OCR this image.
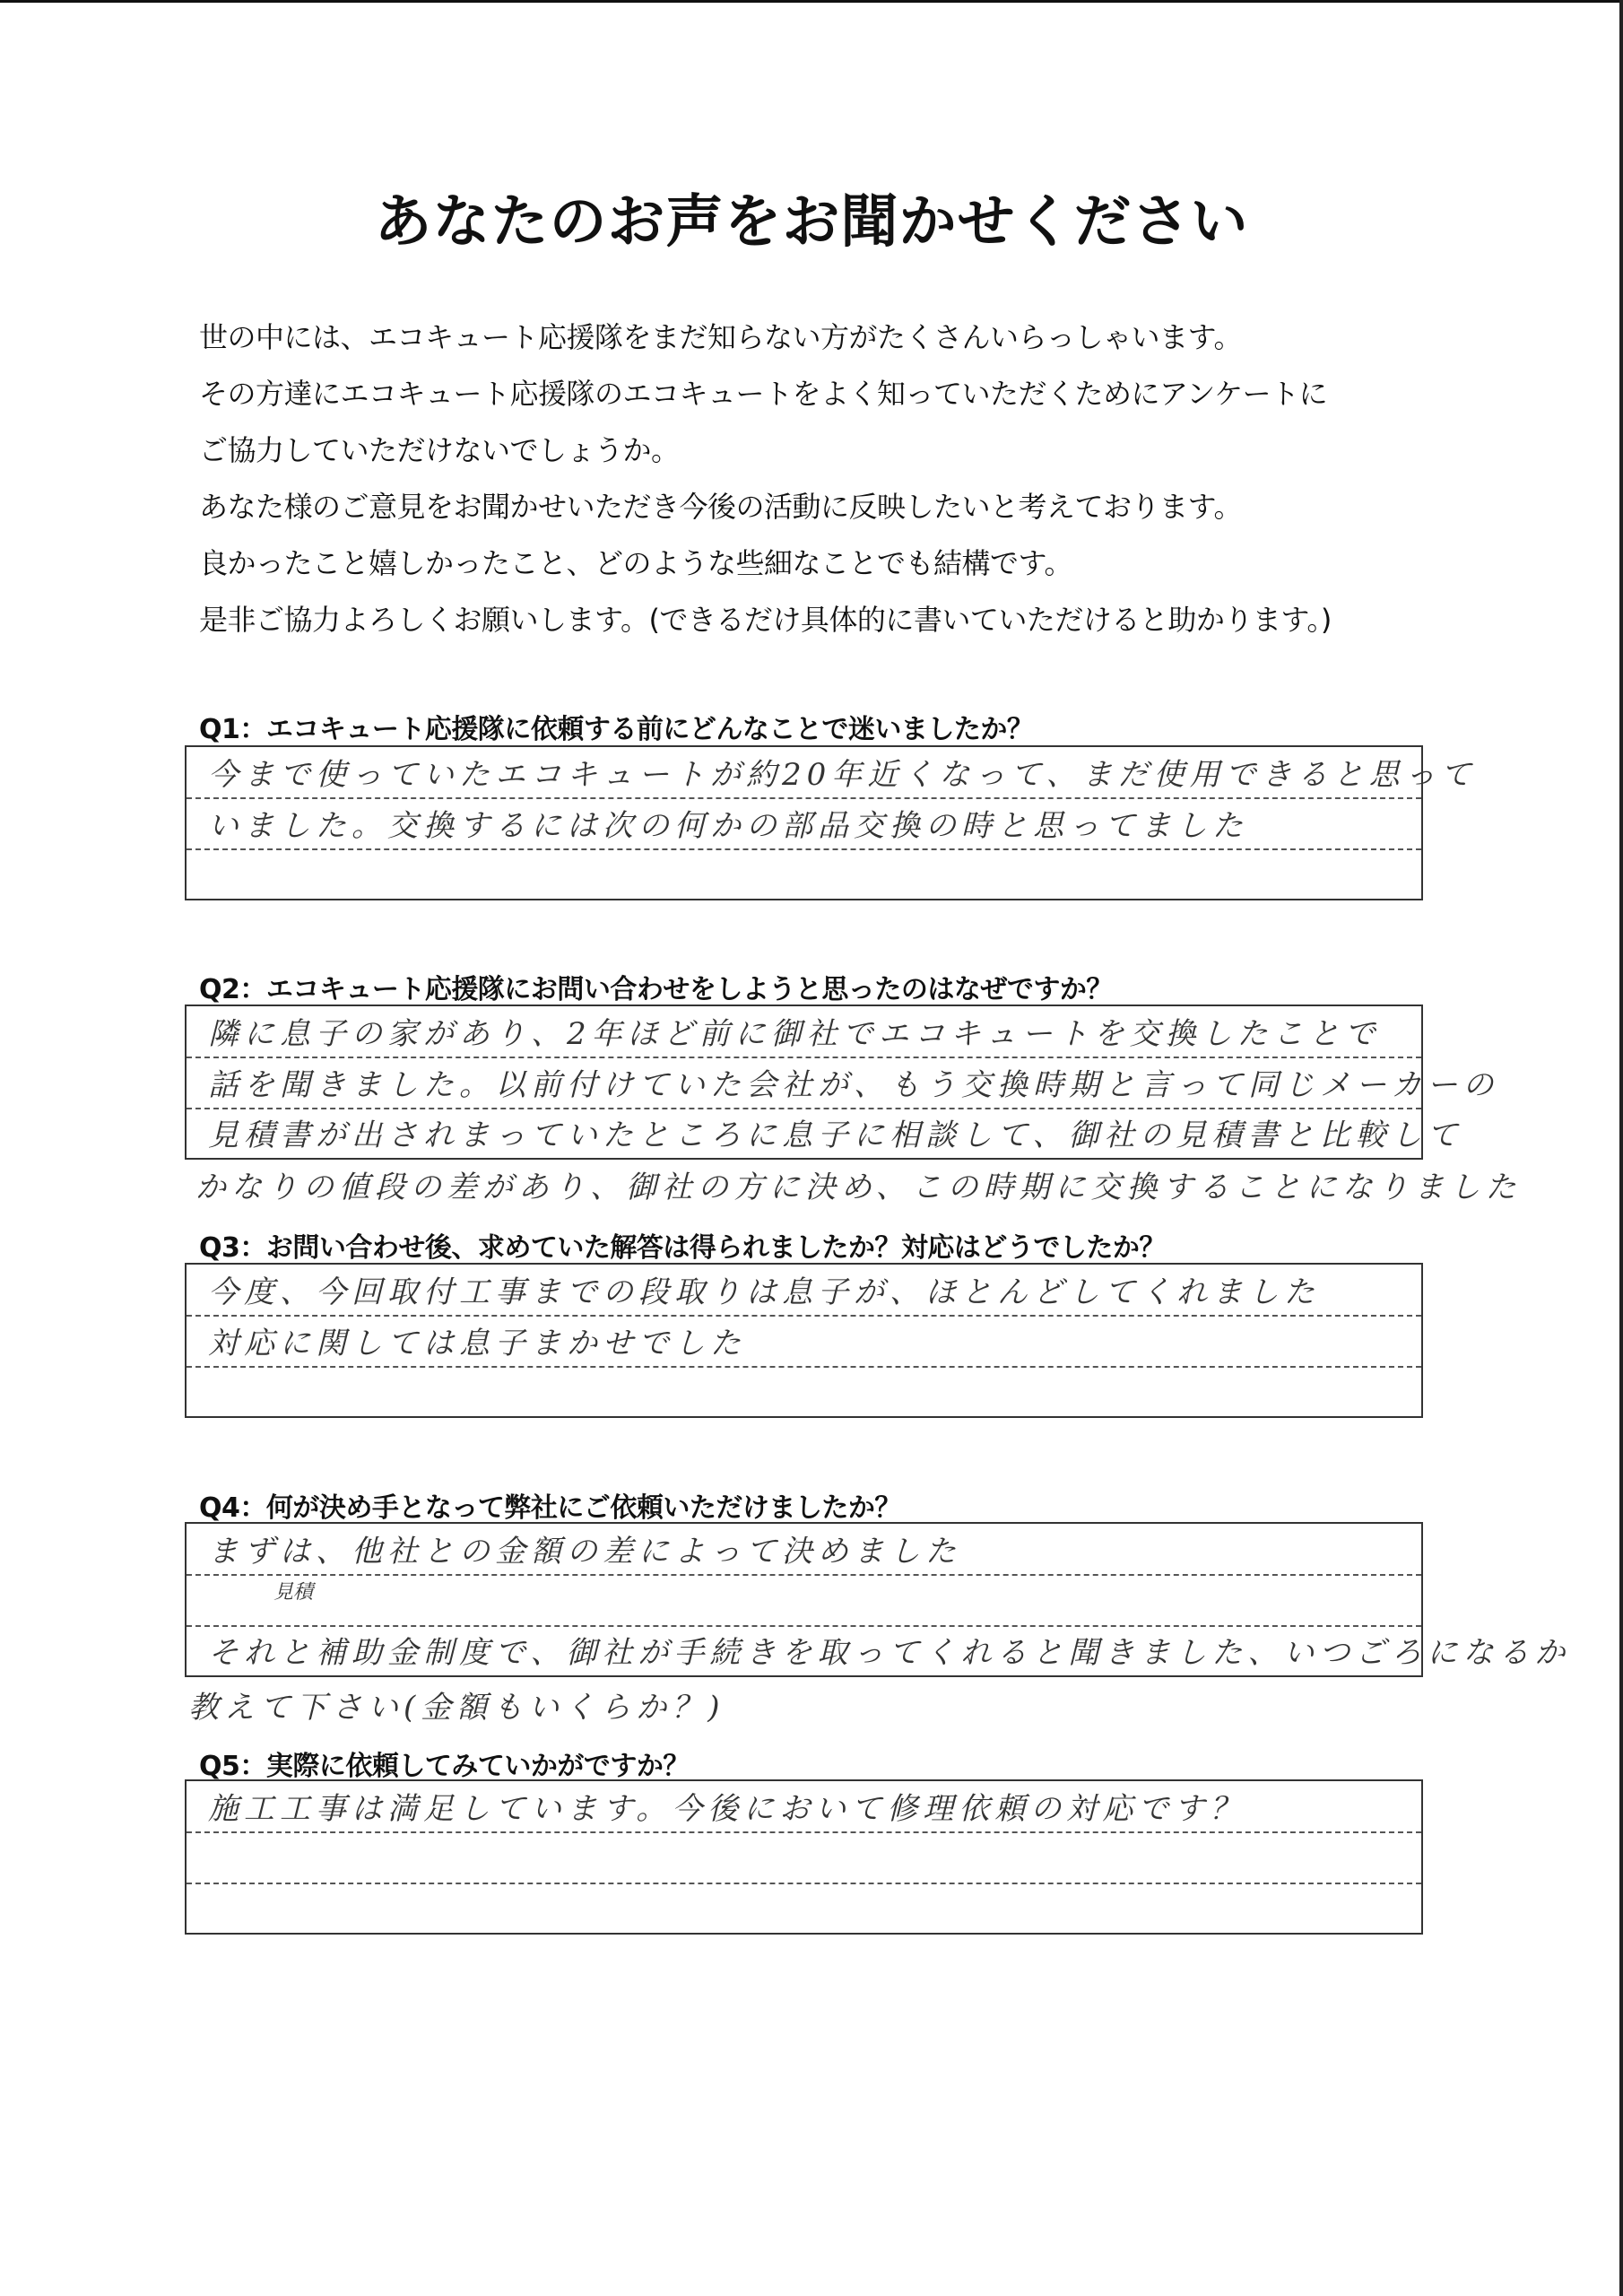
あなたのお声をお聞かせください
世の中には、エコキュート応援隊をまだ知らない方がたくさんいらっしゃいます。
その方達にエコキュート応援隊のエコキュートをよく知っていただくためにアンケートに
ご協力していただけないでしょうか。
あなた様のご意見をお聞かせいただき今後の活動に反映したいと考えております。
良かったこと嬉しかったこと、どのような些細なことでも結構です。
是非ご協力よろしくお願いします。(できるだけ具体的に書いていただけると助かります。)
Q1：エコキュート応援隊に依頼する前にどんなことで迷いましたか？
今まで使っていたエコキュートが約20年近くなって、まだ使用できると思って
いました。交換するには次の何かの部品交換の時と思ってました
Q2：エコキュート応援隊にお問い合わせをしようと思ったのはなぜですか？
隣に息子の家があり、2年ほど前に御社でエコキュートを交換したことで
話を聞きました。以前付けていた会社が、もう交換時期と言って同じメーカーの
見積書が出されまっていたところに息子に相談して、御社の見積書と比較して
かなりの値段の差があり、御社の方に決め、この時期に交換することになりました
Q3：お問い合わせ後、求めていた解答は得られましたか？対応はどうでしたか？
今度、今回取付工事までの段取りは息子が、ほとんどしてくれました
対応に関しては息子まかせでした
Q4：何が決め手となって弊社にご依頼いただけましたか？
まずは、他社との金額の差によって決めました
それと補助金制度で、御社が手続きを取ってくれると聞きました、いつごろになるか
見積
教えて下さい(金額もいくらか？)
Q5：実際に依頼してみていかがですか？
施工工事は満足しています。今後において修理依頼の対応です？
